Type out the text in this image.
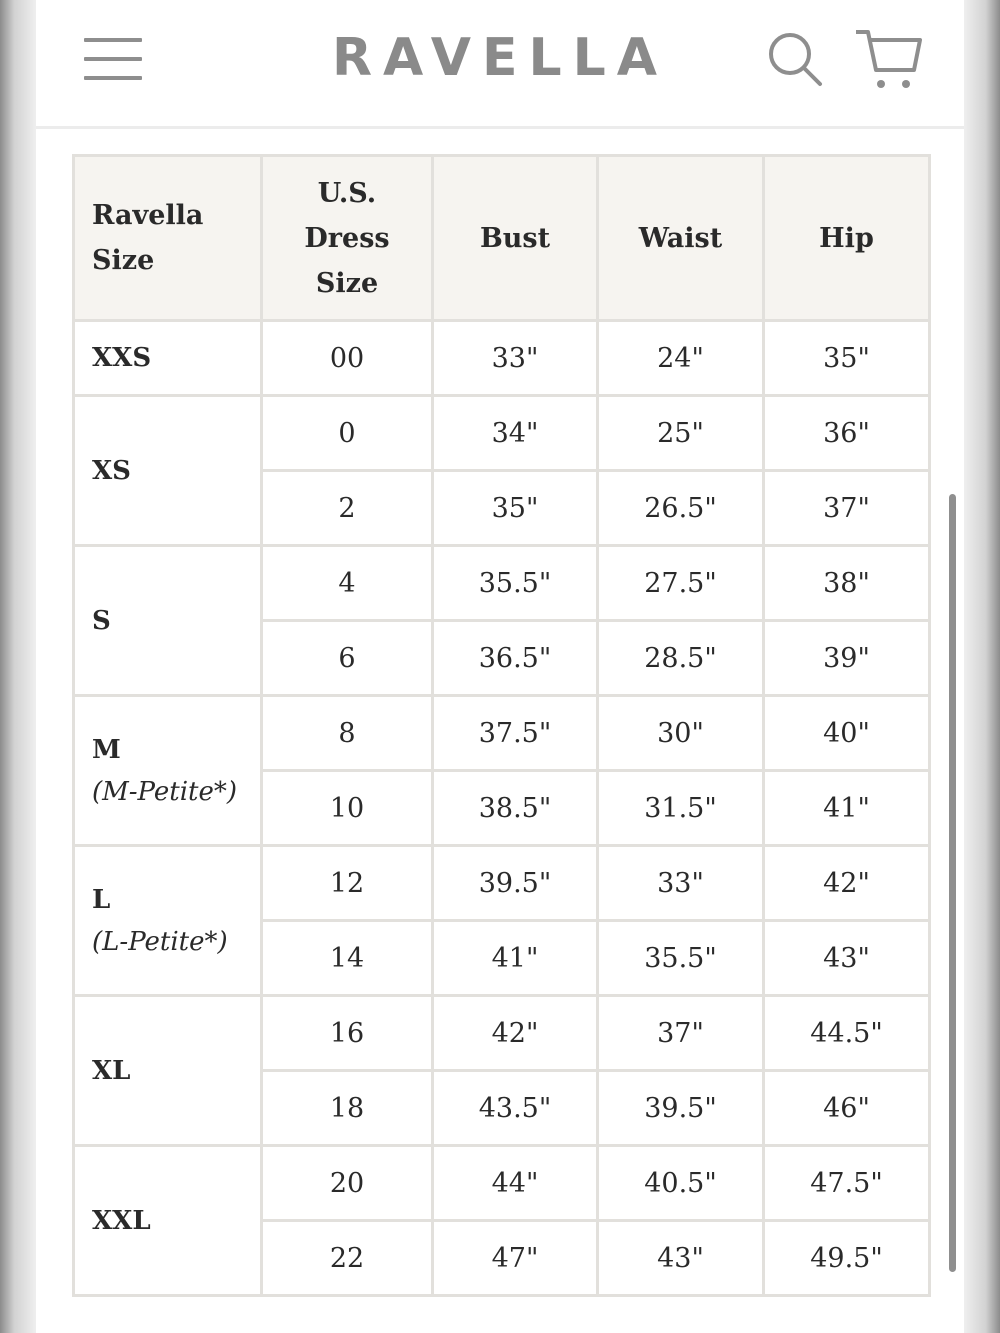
RAVELLA
Ravella
Size	U.S.
Dress
Size	Bust	Waist	Hip

XXS	00	33"	24"	35"

XS	0	34"	25"	36"
	2	35"	26.5"	37"

S	4	35.5"	27.5"	38"
	6	36.5"	28.5"	39"

M
(M-Petite*)	8	37.5"	30"	40"
	10	38.5"	31.5"	41"

L
(L-Petite*)	12	39.5"	33"	42"
	14	41"	35.5"	43"

XL	16	42"	37"	44.5"
	18	43.5"	39.5"	46"

XXL	20	44"	40.5"	47.5"
	22	47"	43"	49.5"
